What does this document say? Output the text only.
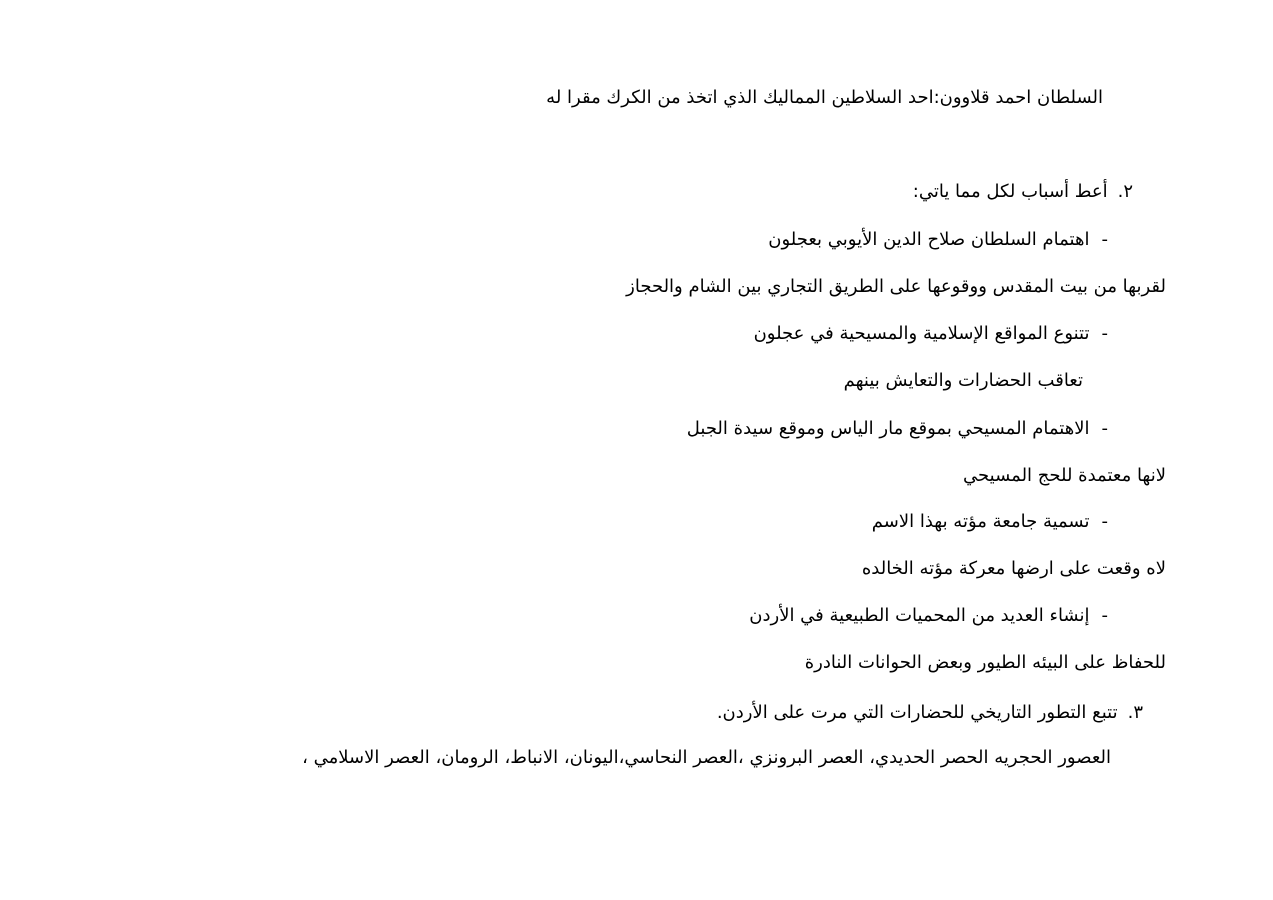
السلطان احمد قلاوون:احد السلاطين المماليك الذي اتخذ من الكرك مقرا له
٢.أعط أسباب لكل مما ياتي:
-اهتمام السلطان صلاح الدين الأيوبي بعجلون
لقربها من بيت المقدس ووقوعها على الطريق التجاري بين الشام والحجاز
-تتنوع المواقع الإسلامية والمسيحية في عجلون
تعاقب الحضارات والتعايش بينهم
-الاهتمام المسيحي بموقع مار الياس وموقع سيدة الجبل
لانها معتمدة للحج المسيحي
-تسمية جامعة مؤته بهذا الاسم
لاه وقعت على ارضها معركة مؤته الخالده
-إنشاء العديد من المحميات الطبيعية في الأردن
للحفاظ على البيئه الطيور وبعض الحوانات النادرة
٣.تتبع التطور التاريخي للحضارات التي مرت على الأردن.
العصور الحجريه الحصر الحديدي، العصر البرونزي ،العصر النحاسي،اليونان، الانباط، الرومان، العصر الاسلامي ،
